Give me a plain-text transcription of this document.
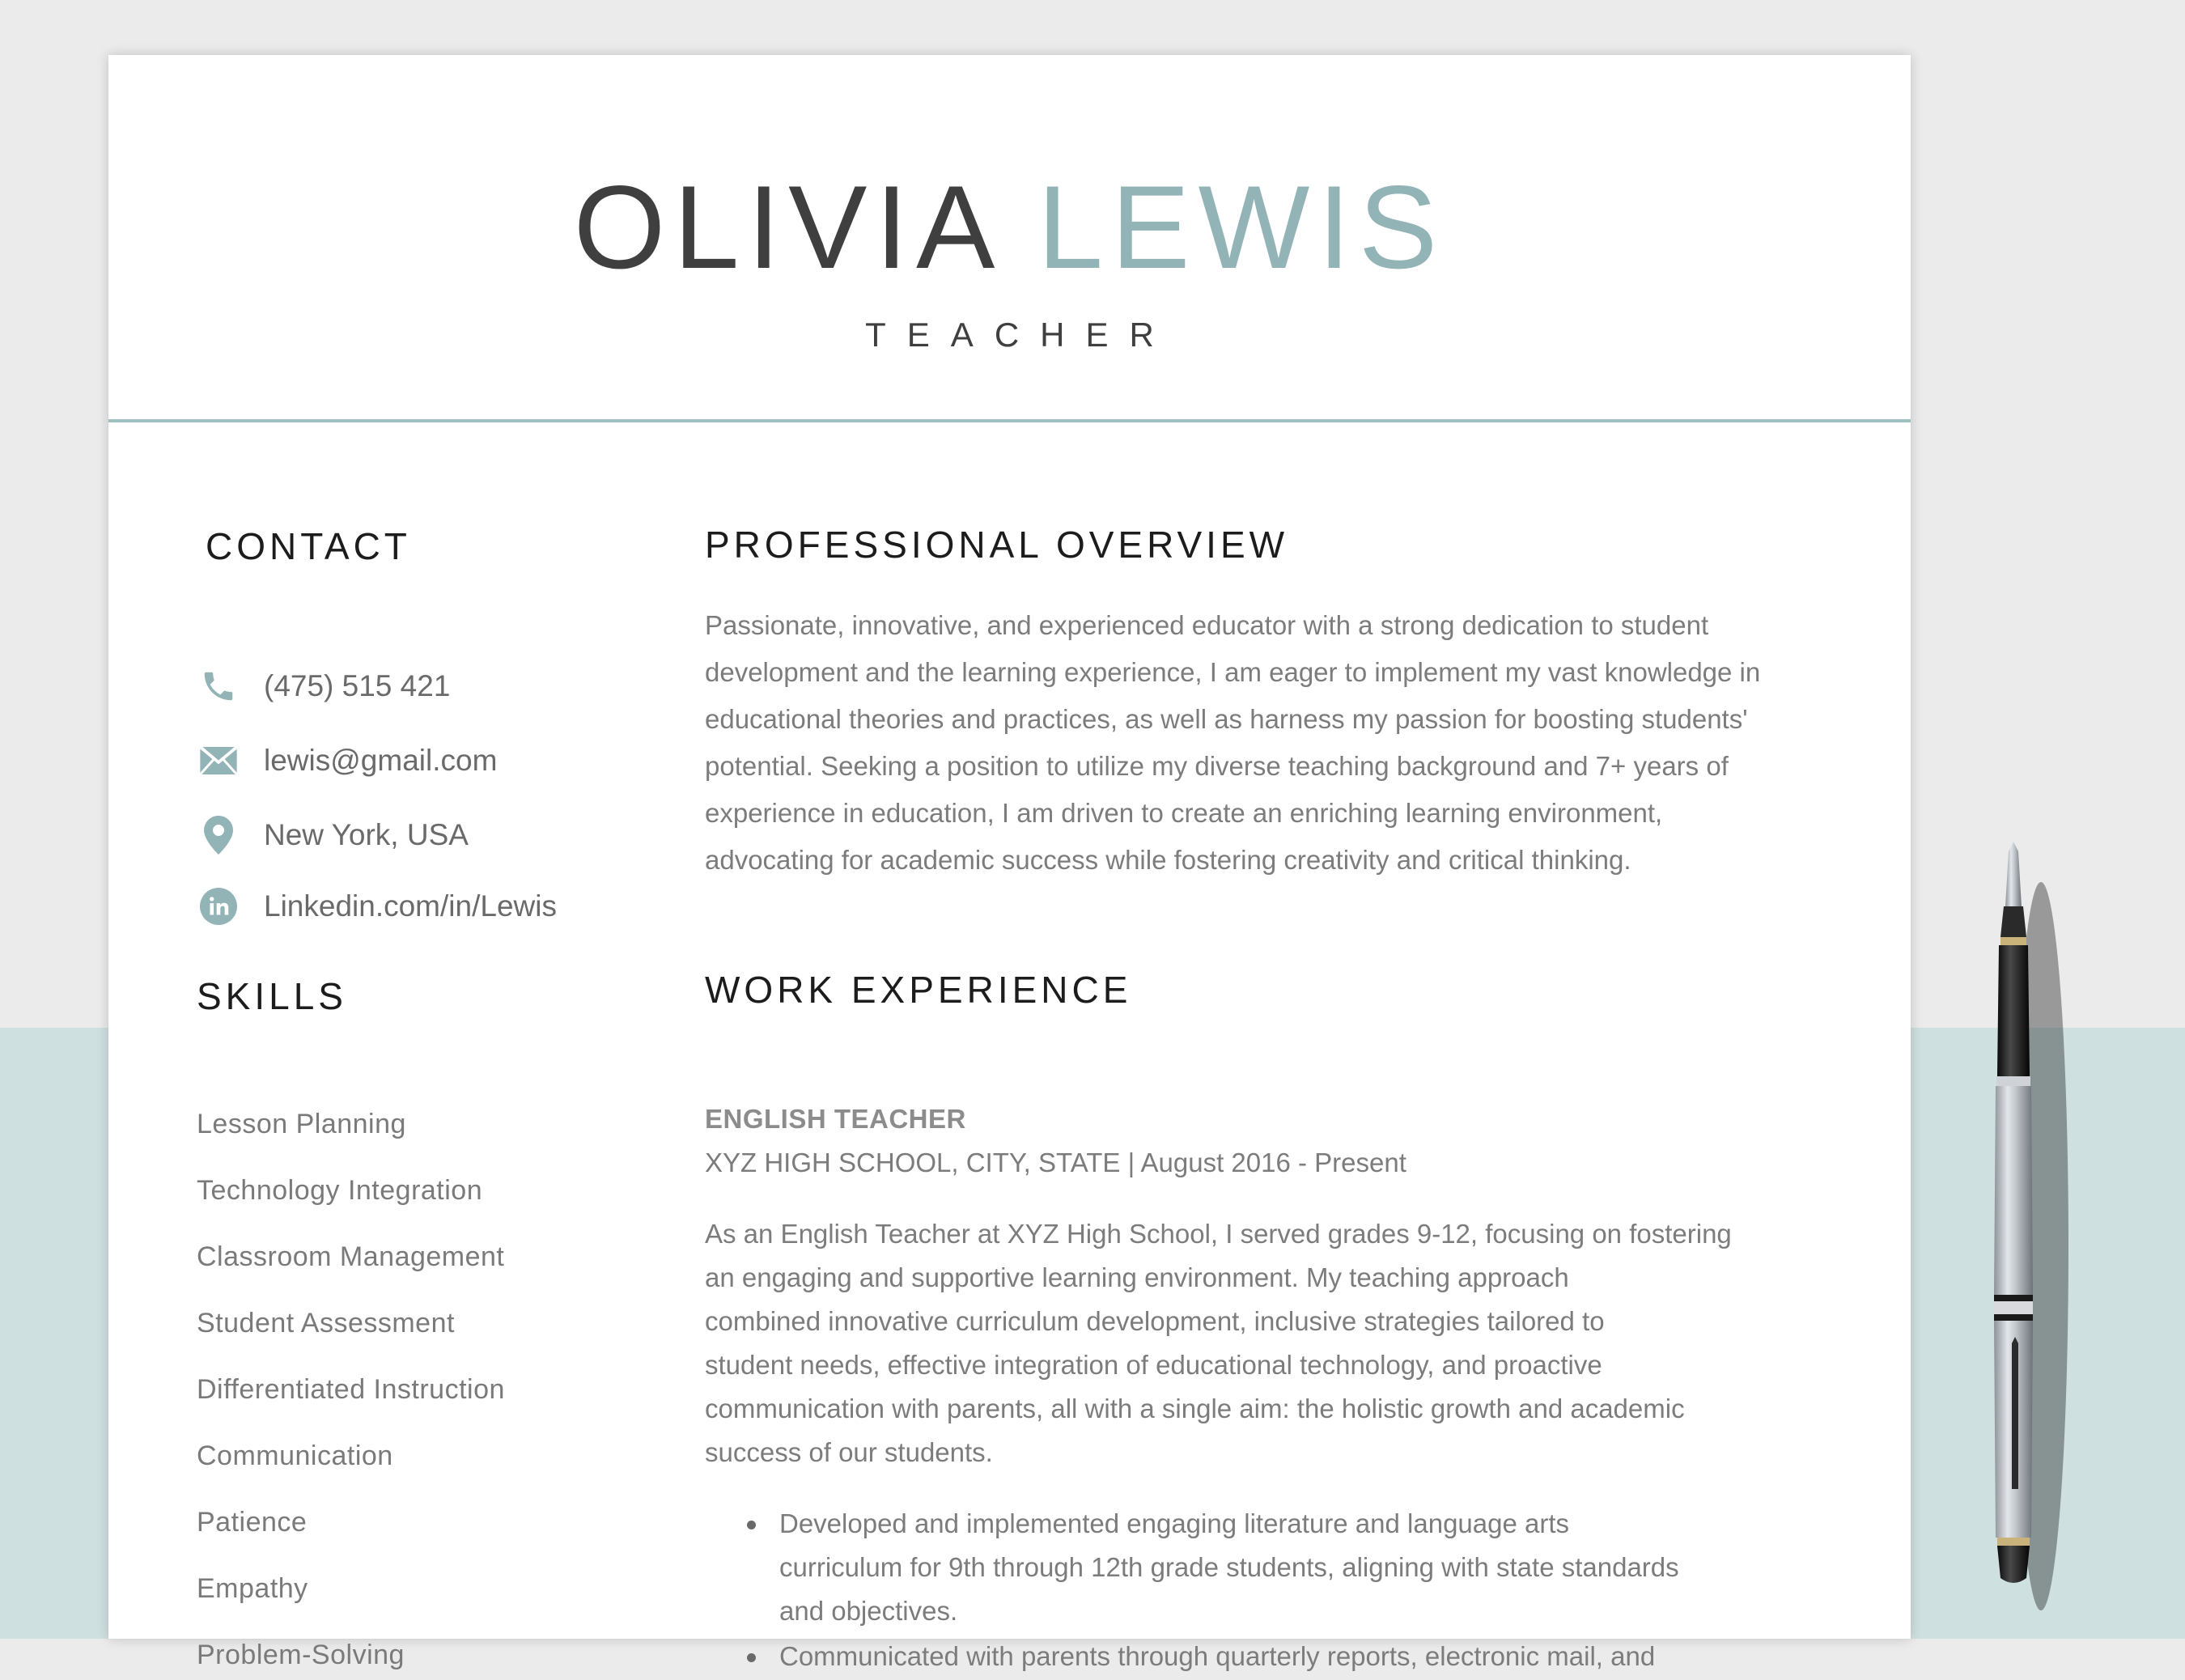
OLIVIA LEWIS
TEACHER
CONTACT
(475) 515 421
lewis@gmail.com
New York, USA
Linkedin.com/in/Lewis
SKILLS
Lesson Planning
Technology Integration
Classroom Management
Student Assessment
Differentiated Instruction
Communication
Patience
Empathy
Problem-Solving
PROFESSIONAL OVERVIEW
Passionate, innovative, and experienced educator with a strong dedication to student
development and the learning experience, I am eager to implement my vast knowledge in
educational theories and practices, as well as harness my passion for boosting students'
potential. Seeking a position to utilize my diverse teaching background and 7+ years of
experience in education, I am driven to create an enriching learning environment,
advocating for academic success while fostering creativity and critical thinking.
WORK EXPERIENCE
ENGLISH TEACHER
XYZ HIGH SCHOOL, CITY, STATE | August 2016 - Present
As an English Teacher at XYZ High School, I served grades 9-12, focusing on fostering
an engaging and supportive learning environment. My teaching approach
combined innovative curriculum development, inclusive strategies tailored to
student needs, effective integration of educational technology, and proactive
communication with parents, all with a single aim: the holistic growth and academic
success of our students.
Developed and implemented engaging literature and language arts
curriculum for 9th through 12th grade students, aligning with state standards
and objectives.
Communicated with parents through quarterly reports, electronic mail, and
